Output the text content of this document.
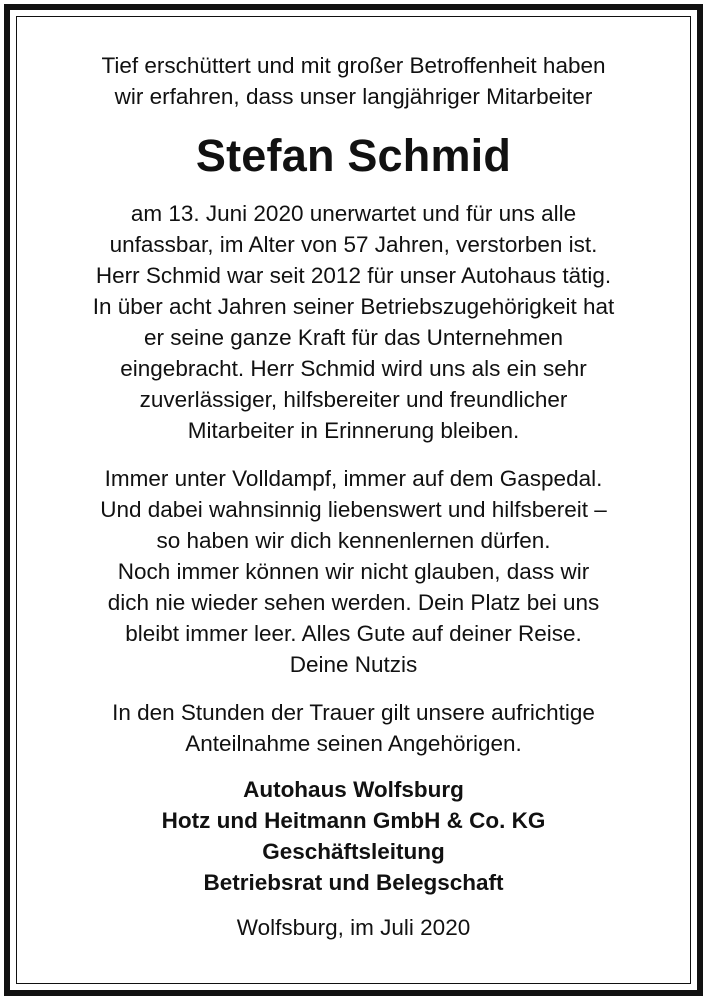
Tief erschüttert und mit großer Betroffenheit haben
wir erfahren, dass unser langjähriger Mitarbeiter

Stefan Schmid

am 13. Juni 2020 unerwartet und für uns alle
unfassbar, im Alter von 57 Jahren, verstorben ist.
Herr Schmid war seit 2012 für unser Autohaus tätig.
In über acht Jahren seiner Betriebszugehörigkeit hat
er seine ganze Kraft für das Unternehmen
eingebracht. Herr Schmid wird uns als ein sehr
zuverlässiger, hilfsbereiter und freundlicher
Mitarbeiter in Erinnerung bleiben.

Immer unter Volldampf, immer auf dem Gaspedal.
Und dabei wahnsinnig liebenswert und hilfsbereit –
so haben wir dich kennenlernen dürfen.
Noch immer können wir nicht glauben, dass wir
dich nie wieder sehen werden. Dein Platz bei uns
bleibt immer leer. Alles Gute auf deiner Reise.
Deine Nutzis

In den Stunden der Trauer gilt unsere aufrichtige
Anteilnahme seinen Angehörigen.

Autohaus Wolfsburg
Hotz und Heitmann GmbH & Co. KG
Geschäftsleitung
Betriebsrat und Belegschaft

Wolfsburg, im Juli 2020
